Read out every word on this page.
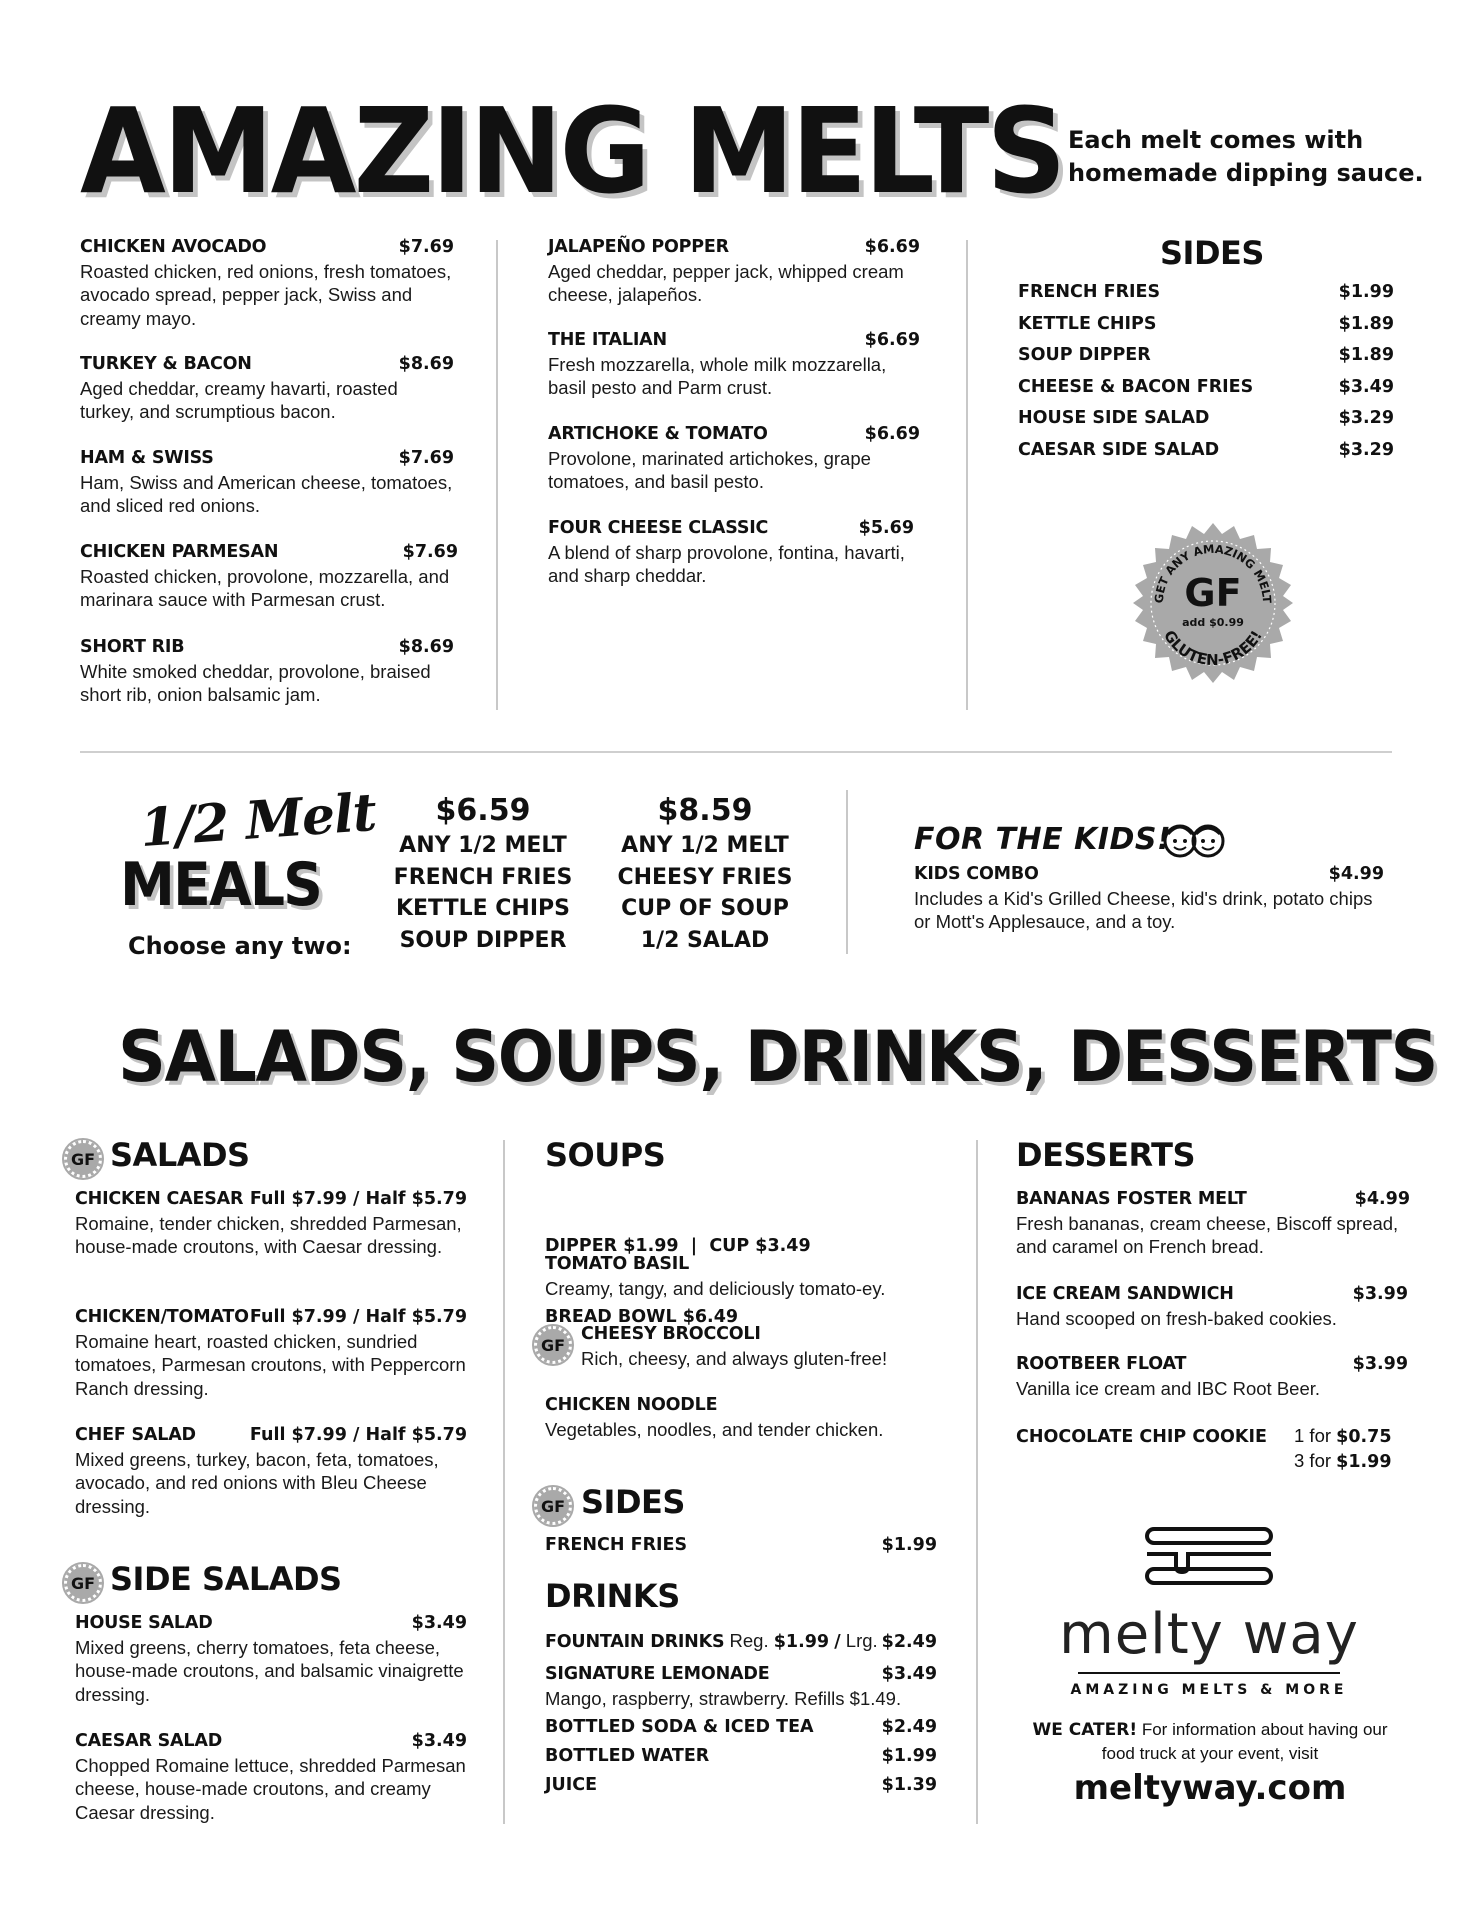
AMAZING MELTS Each melt comes with
homemade dipping sauce.
CHICKEN AVOCADO	$7.69
Roasted chicken, red onions, fresh tomatoes, avocado spread, pepper jack, Swiss and creamy mayo.
TURKEY & BACON	$8.69
Aged cheddar, creamy havarti, roasted turkey, and scrumptious bacon.
HAM & SWISS	$7.69
Ham, Swiss and American cheese, tomatoes, and sliced red onions.
CHICKEN PARMESAN	$7.69
Roasted chicken, provolone, mozzarella, and marinara sauce with Parmesan crust.
SHORT RIB	$8.69
White smoked cheddar, provolone, braised short rib, onion balsamic jam.
JALAPEÑO POPPER	$6.69
Aged cheddar, pepper jack, whipped cream cheese, jalapeños.
THE ITALIAN	$6.69
Fresh mozzarella, whole milk mozzarella, basil pesto and Parm crust.
ARTICHOKE & TOMATO	$6.69
Provolone, marinated artichokes, grape tomatoes, and basil pesto.
FOUR CHEESE CLASSIC	$5.69
A blend of sharp provolone, fontina, havarti, and sharp cheddar.
SIDES
FRENCH FRIES	$1.99
KETTLE CHIPS	$1.89
SOUP DIPPER	$1.89
CHEESE & BACON FRIES	$3.49
HOUSE SIDE SALAD	$3.29
CAESAR SIDE SALAD	$3.29
GET ANY AMAZING MELT
GLUTEN-FREE!
GF
add $0.99
1/2 Melt
MEALS
Choose any two:
$6.59
ANY 1/2 MELT
FRENCH FRIES
KETTLE CHIPS
SOUP DIPPER
$8.59
ANY 1/2 MELT
CHEESY FRIES
CUP OF SOUP
1/2 SALAD
FOR THE KIDS!
KIDS COMBO	$4.99
Includes a Kid's Grilled Cheese, kid's drink, potato chips or Mott's Applesauce, and a toy.
SALADS, SOUPS, DRINKS, DESSERTS
GF SALADS
CHICKEN CAESAR Full $7.99 / Half $5.79
Romaine, tender chicken, shredded Parmesan, house-made croutons, with Caesar dressing.
CHICKEN/TOMATO Full $7.99 / Half $5.79
Romaine heart, roasted chicken, sundried tomatoes, Parmesan croutons, with Peppercorn Ranch dressing.
CHEF SALAD	Full $7.99 / Half $5.79
Mixed greens, turkey, bacon, feta, tomatoes, avocado, and red onions with Bleu Cheese dressing.
GF SIDE SALADS
HOUSE SALAD	$3.49
Mixed greens, cherry tomatoes, feta cheese, house-made croutons, and balsamic vinaigrette dressing.
CAESAR SALAD	$3.49
Chopped Romaine lettuce, shredded Parmesan cheese, house-made croutons, and creamy Caesar dressing.
SOUPS

DIPPER $1.99  |  CUP $3.49

BREAD BOWL $6.49

TOMATO BASIL
Creamy, tangy, and deliciously tomato-ey.
GF
CHEESY BROCCOLI
Rich, cheesy, and always gluten-free!
CHICKEN NOODLE
Vegetables, noodles, and tender chicken.
GF SIDES
FRENCH FRIES	$1.99
DRINKS
FOUNTAIN DRINKS Reg. $1.99 / Lrg. $2.49
SIGNATURE LEMONADE	$3.49
Mango, raspberry, strawberry. Refills $1.49.
BOTTLED SODA & ICED TEA	$2.49
BOTTLED WATER	$1.99
JUICE	$1.39
DESSERTS
BANANAS FOSTER MELT	$4.99
Fresh bananas, cream cheese, Biscoff spread, and caramel on French bread.
ICE CREAM SANDWICH	$3.99
Hand scooped on fresh-baked cookies.
ROOTBEER FLOAT	$3.99
Vanilla ice cream and IBC Root Beer.
CHOCOLATE CHIP COOKIE 1 for $0.75
3 for $1.99
melty way
AMAZING MELTS & MORE
WE CATER! For information about having our food truck at your event, visit
meltyway.com
